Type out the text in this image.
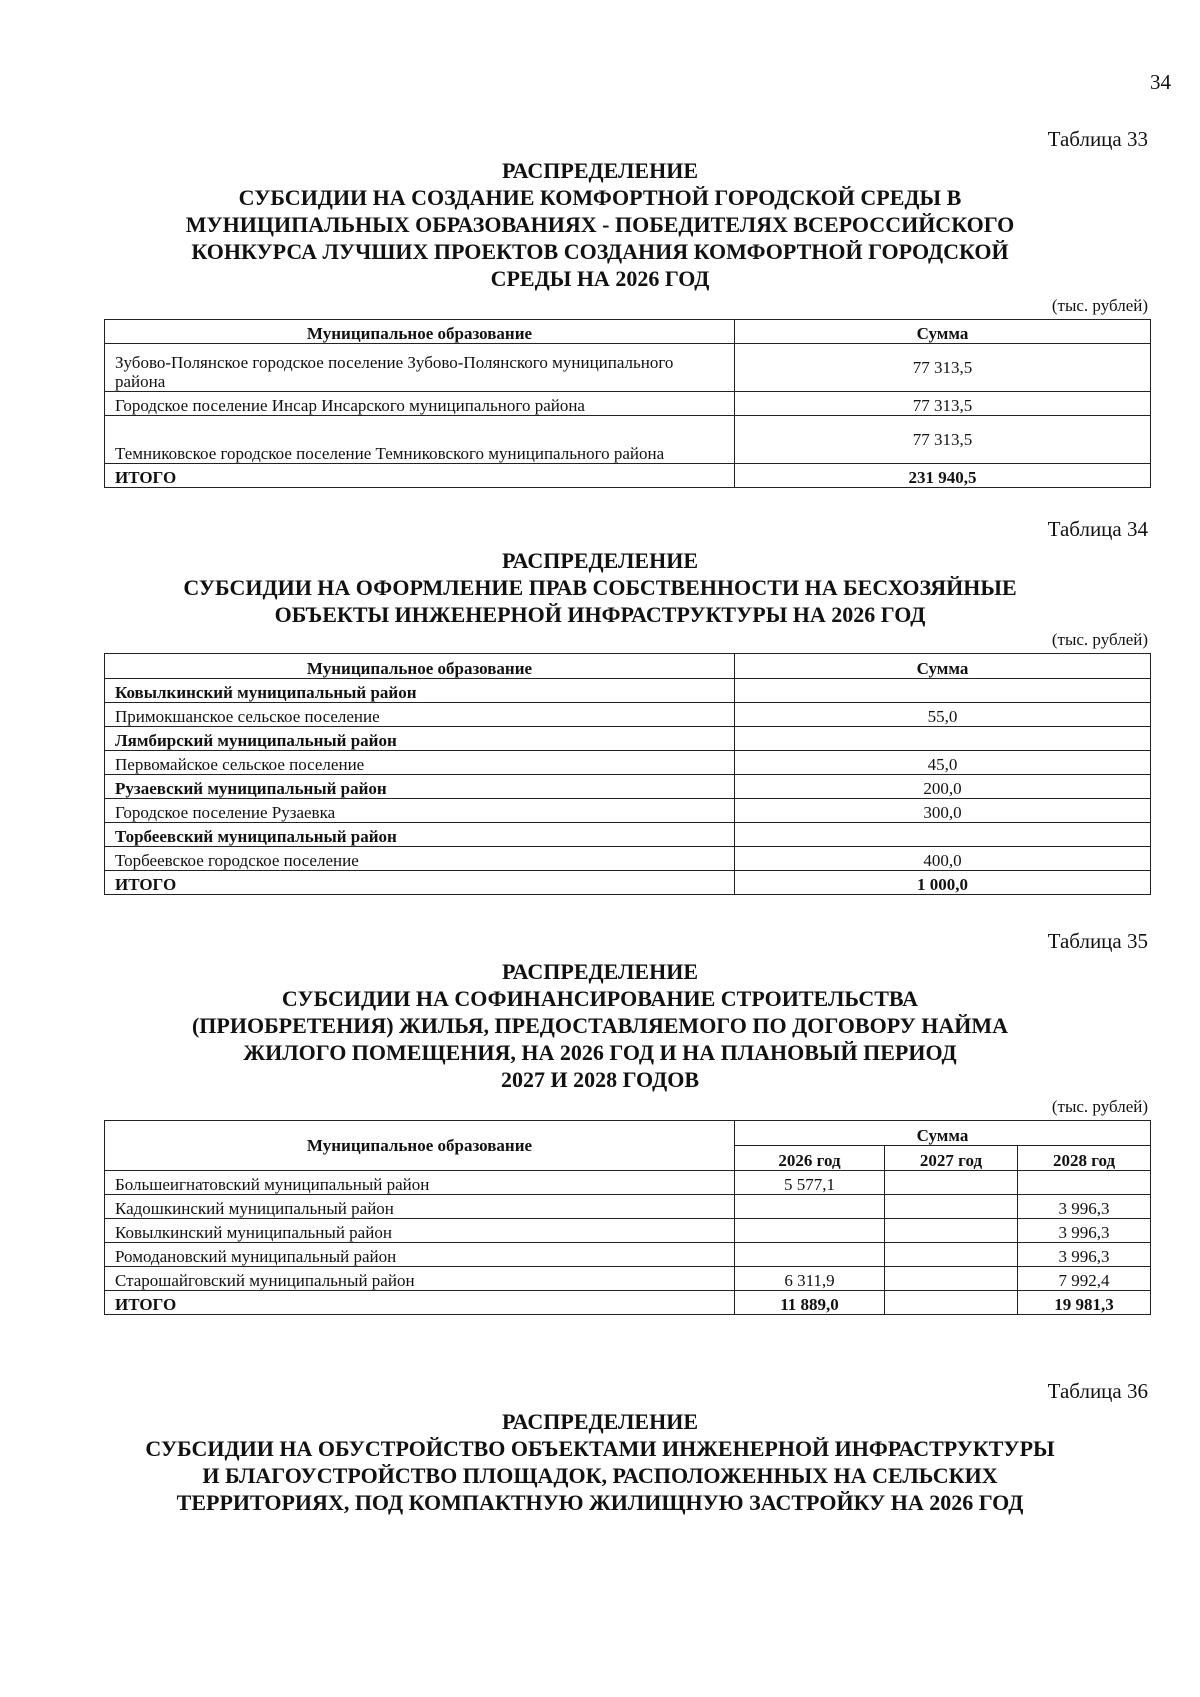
34
Таблица 33
РАСПРЕДЕЛЕНИЕ
СУБСИДИИ НА СОЗДАНИЕ КОМФОРТНОЙ ГОРОДСКОЙ СРЕДЫ В
МУНИЦИПАЛЬНЫХ ОБРАЗОВАНИЯХ - ПОБЕДИТЕЛЯХ ВСЕРОССИЙСКОГО
КОНКУРСА ЛУЧШИХ ПРОЕКТОВ СОЗДАНИЯ КОМФОРТНОЙ ГОРОДСКОЙ
СРЕДЫ НА 2026 ГОД
(тыс. рублей)
Муниципальное образование	Сумма
Зубово-Полянское городское поселение Зубово-Полянского муниципального района	77 313,5
Городское поселение Инсар Инсарского муниципального района	77 313,5
Темниковское городское поселение Темниковского муниципального района	77 313,5
ИТОГО	231 940,5
Таблица 34
РАСПРЕДЕЛЕНИЕ
СУБСИДИИ НА ОФОРМЛЕНИЕ ПРАВ СОБСТВЕННОСТИ НА БЕСХОЗЯЙНЫЕ
ОБЪЕКТЫ ИНЖЕНЕРНОЙ ИНФРАСТРУКТУРЫ НА 2026 ГОД
(тыс. рублей)
Муниципальное образование	Сумма
Ковылкинский муниципальный район	
Примокшанское сельское поселение	55,0
Лямбирский муниципальный район	
Первомайское сельское поселение	45,0
Рузаевский муниципальный район	200,0
Городское поселение Рузаевка	300,0
Торбеевский муниципальный район	
Торбеевское городское поселение	400,0
ИТОГО	1 000,0
Таблица 35
РАСПРЕДЕЛЕНИЕ
СУБСИДИИ НА СОФИНАНСИРОВАНИЕ СТРОИТЕЛЬСТВА
(ПРИОБРЕТЕНИЯ) ЖИЛЬЯ, ПРЕДОСТАВЛЯЕМОГО ПО ДОГОВОРУ НАЙМА
ЖИЛОГО ПОМЕЩЕНИЯ, НА 2026 ГОД И НА ПЛАНОВЫЙ ПЕРИОД
2027 И 2028 ГОДОВ
(тыс. рублей)
Муниципальное образование	Сумма		
	2026 год	2027 год	2028 год
Большеигнатовский муниципальный район	5 577,1		
Кадошкинский муниципальный район			3 996,3
Ковылкинский муниципальный район			3 996,3
Ромодановский муниципальный район			3 996,3
Старошайговский муниципальный район	6 311,9		7 992,4
ИТОГО	11 889,0		19 981,3
Таблица 36
РАСПРЕДЕЛЕНИЕ
СУБСИДИИ НА ОБУСТРОЙСТВО ОБЪЕКТАМИ ИНЖЕНЕРНОЙ ИНФРАСТРУКТУРЫ
И БЛАГОУСТРОЙСТВО ПЛОЩАДОК, РАСПОЛОЖЕННЫХ НА СЕЛЬСКИХ
ТЕРРИТОРИЯХ, ПОД КОМПАКТНУЮ ЖИЛИЩНУЮ ЗАСТРОЙКУ НА 2026 ГОД
